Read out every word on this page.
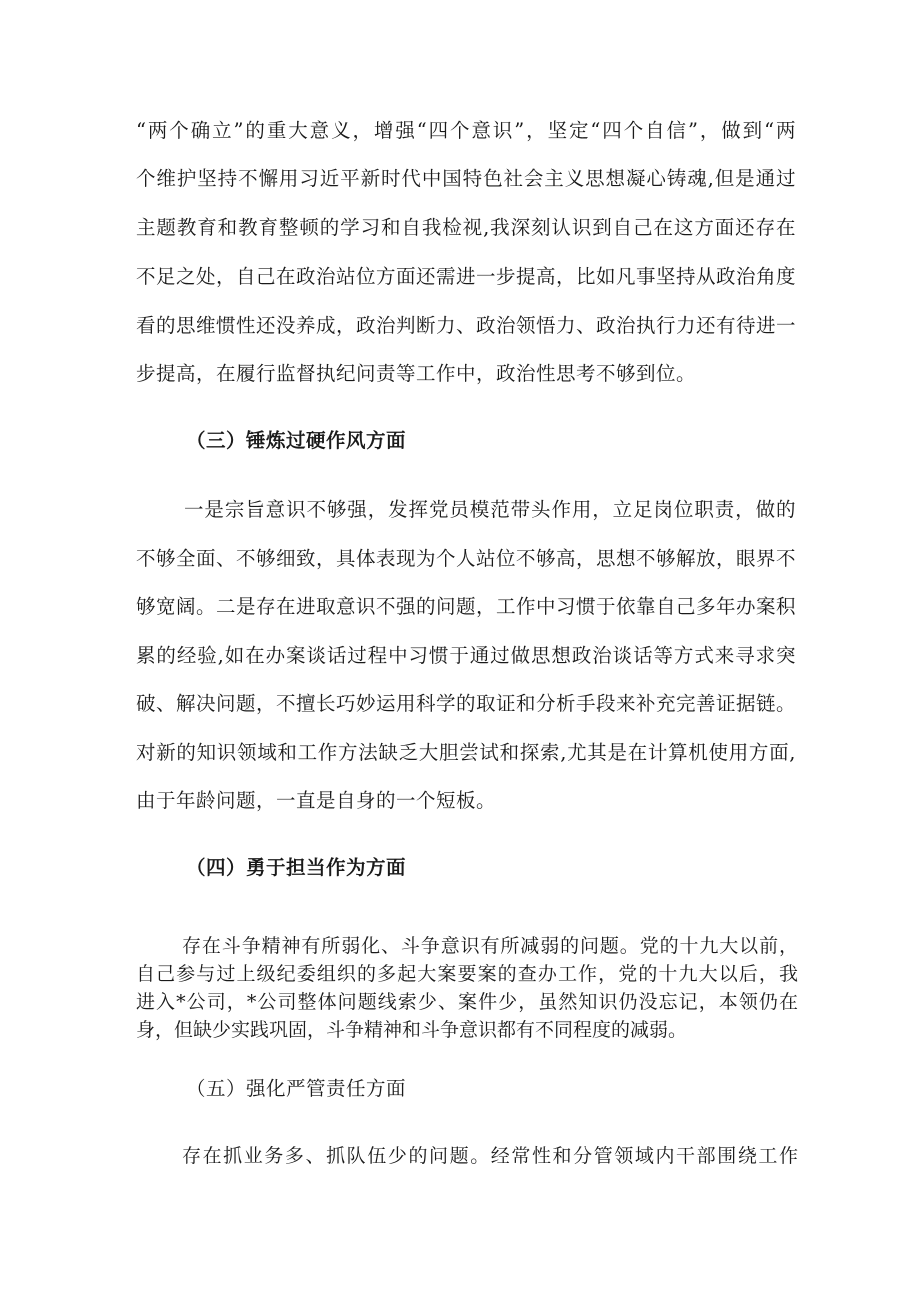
“两个确立”的重大意义，增强“四个意识”，坚定“四个自信”，做到“两
个维护坚持不懈用习近平新时代中国特色社会主义思想凝心铸魂,但是通过
主题教育和教育整顿的学习和自我检视,我深刻认识到自己在这方面还存在
不足之处，自己在政治站位方面还需进一步提高，比如凡事坚持从政治角度
看的思维惯性还没养成，政治判断力、政治领悟力、政治执行力还有待进一
步提高，在履行监督执纪问责等工作中，政治性思考不够到位。
（三）锤炼过硬作风方面
一是宗旨意识不够强，发挥党员模范带头作用，立足岗位职责，做的
不够全面、不够细致，具体表现为个人站位不够高，思想不够解放，眼界不
够宽阔。二是存在进取意识不强的问题，工作中习惯于依靠自己多年办案积
累的经验,如在办案谈话过程中习惯于通过做思想政治谈话等方式来寻求突
破、解决问题，不擅长巧妙运用科学的取证和分析手段来补充完善证据链。
对新的知识领域和工作方法缺乏大胆尝试和探索,尤其是在计算机使用方面,
由于年龄问题，一直是自身的一个短板。
（四）勇于担当作为方面
存在斗争精神有所弱化、斗争意识有所减弱的问题。党的十九大以前，
自己参与过上级纪委组织的多起大案要案的查办工作，党的十九大以后，我
进入*公司，*公司整体问题线索少、案件少，虽然知识仍没忘记，本领仍在
身，但缺少实践巩固，斗争精神和斗争意识都有不同程度的减弱。
（五）强化严管责任方面
存在抓业务多、抓队伍少的问题。经常性和分管领域内干部围绕工作
